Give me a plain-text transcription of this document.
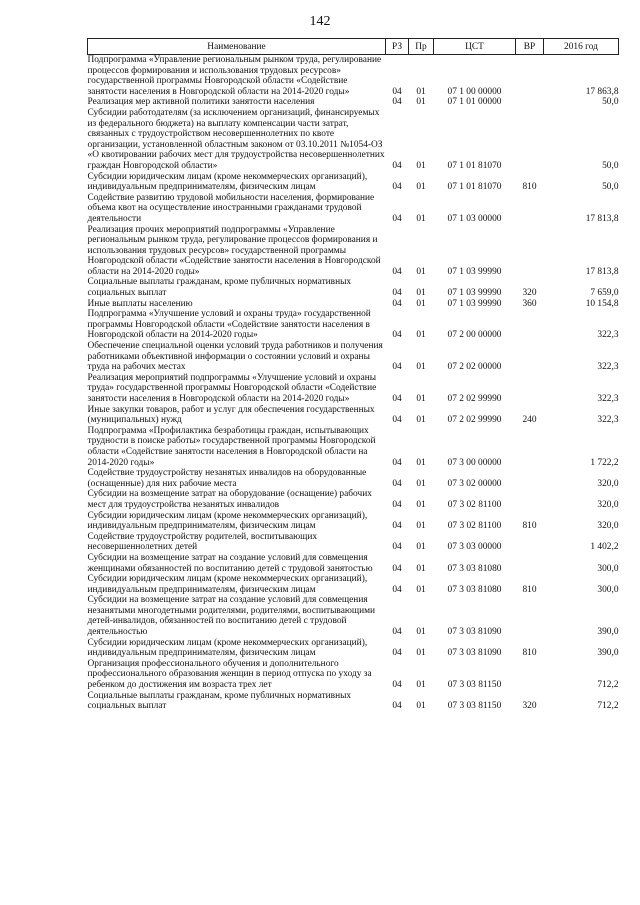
142
Наименование	РЗ	Пр	ЦСТ	ВР	2016 год
Подпрограмма «Управление региональным рынком труда, регулирование процессов формирования и использования трудовых ресурсов» государственной программы Новгородской области «Содействие занятости населения в Новгородской области на 2014-2020 годы»	04	01	07 1 00 00000		17 863,8
Реализация мер активной политики занятости населения	04	01	07 1 01 00000		50,0
Субсидии работодателям (за исключением организаций, финансируемых из федерального бюджета) на выплату компенсации части затрат, связанных с трудоустройством несовершеннолетних по квоте организации, установленной областным законом от 03.10.2011 №1054-ОЗ «О квотировании рабочих мест для трудоустройства несовершеннолетних граждан Новгородской области»	04	01	07 1 01 81070		50,0
Субсидии юридическим лицам (кроме некоммерческих организаций), индивидуальным предпринимателям, физическим лицам	04	01	07 1 01 81070	810	50,0
Содействие развитию трудовой мобильности населения, формирование объема квот на осуществление иностранными гражданами трудовой деятельности	04	01	07 1 03 00000		17 813,8
Реализация прочих мероприятий подпрограммы «Управление региональным рынком труда, регулирование процессов формирования и использования трудовых ресурсов» государственной программы Новгородской области «Содействие занятости населения в Новгородской области на 2014-2020 годы»	04	01	07 1 03 99990		17 813,8
Социальные выплаты гражданам, кроме публичных нормативных социальных выплат	04	01	07 1 03 99990	320	7 659,0
Иные выплаты населению	04	01	07 1 03 99990	360	10 154,8
Подпрограмма «Улучшение условий и охраны труда» государственной программы Новгородской области «Содействие занятости населения в Новгородской области на 2014-2020 годы»	04	01	07 2 00 00000		322,3
Обеспечение специальной оценки условий труда работников и получения работниками объективной информации о состоянии условий и охраны труда на рабочих местах	04	01	07 2 02 00000		322,3
Реализация мероприятий подпрограммы «Улучшение условий и охраны труда» государственной программы Новгородской области «Содействие занятости населения в Новгородской области на 2014-2020 годы»	04	01	07 2 02 99990		322,3
Иные закупки товаров, работ и услуг для обеспечения государственных (муниципальных) нужд	04	01	07 2 02 99990	240	322,3
Подпрограмма «Профилактика безработицы граждан, испытывающих трудности в поиске работы» государственной программы Новгородской области «Содействие занятости населения в Новгородской области на 2014-2020 годы»	04	01	07 3 00 00000		1 722,2
Содействие трудоустройству незанятых инвалидов на оборудованные (оснащенные) для них рабочие места	04	01	07 3 02 00000		320,0
Субсидии на возмещение затрат на оборудование (оснащение) рабочих мест для трудоустройства незанятых инвалидов	04	01	07 3 02 81100		320,0
Субсидии юридическим лицам (кроме некоммерческих организаций), индивидуальным предпринимателям, физическим лицам	04	01	07 3 02 81100	810	320,0
Содействие трудоустройству родителей, воспитывающих несовершеннолетних детей	04	01	07 3 03 00000		1 402,2
Субсидии на возмещение затрат на создание условий для совмещения женщинами обязанностей по воспитанию детей с трудовой занятостью	04	01	07 3 03 81080		300,0
Субсидии юридическим лицам (кроме некоммерческих организаций), индивидуальным предпринимателям, физическим лицам	04	01	07 3 03 81080	810	300,0
Субсидии на возмещение затрат на создание условий для совмещения незанятыми многодетными родителями, родителями, воспитывающими детей-инвалидов, обязанностей по воспитанию детей с трудовой деятельностью	04	01	07 3 03 81090		390,0
Субсидии юридическим лицам (кроме некоммерческих организаций), индивидуальным предпринимателям, физическим лицам	04	01	07 3 03 81090	810	390,0
Организация профессионального обучения и дополнительного профессионального образования женщин в период отпуска по уходу за ребенком до достижения им возраста трех лет	04	01	07 3 03 81150		712,2
Социальные выплаты гражданам, кроме публичных нормативных социальных выплат	04	01	07 3 03 81150	320	712,2
